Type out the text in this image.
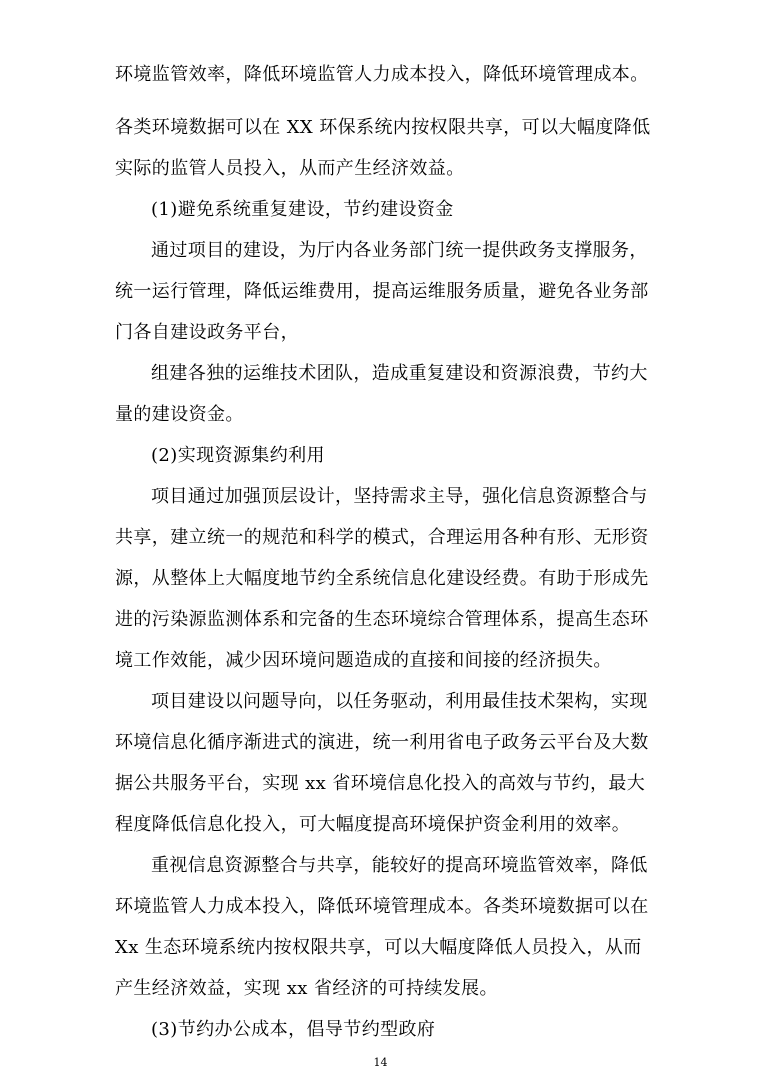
环境监管效率，降低环境监管人力成本投入，降低环境管理成本。
各类环境数据可以在 XX 环保系统内按权限共享，可以大幅度降低
实际的监管人员投入，从而产生经济效益。
(1)避免系统重复建设，节约建设资金
通过项目的建设，为厅内各业务部门统一提供政务支撑服务，
统一运行管理，降低运维费用，提高运维服务质量，避免各业务部
门各自建设政务平台，
组建各独的运维技术团队，造成重复建设和资源浪费，节约大
量的建设资金。
(2)实现资源集约利用
项目通过加强顶层设计，坚持需求主导，强化信息资源整合与
共享，建立统一的规范和科学的模式，合理运用各种有形、无形资
源，从整体上大幅度地节约全系统信息化建设经费。有助于形成先
进的污染源监测体系和完备的生态环境综合管理体系，提高生态环
境工作效能，减少因环境问题造成的直接和间接的经济损失。
项目建设以问题导向，以任务驱动，利用最佳技术架构，实现
环境信息化循序渐进式的演进，统一利用省电子政务云平台及大数
据公共服务平台，实现 xx 省环境信息化投入的高效与节约，最大
程度降低信息化投入，可大幅度提高环境保护资金利用的效率。
重视信息资源整合与共享，能较好的提高环境监管效率，降低
环境监管人力成本投入，降低环境管理成本。各类环境数据可以在
Xx 生态环境系统内按权限共享，可以大幅度降低人员投入，从而
产生经济效益，实现 xx 省经济的可持续发展。
(3)节约办公成本，倡导节约型政府
14
